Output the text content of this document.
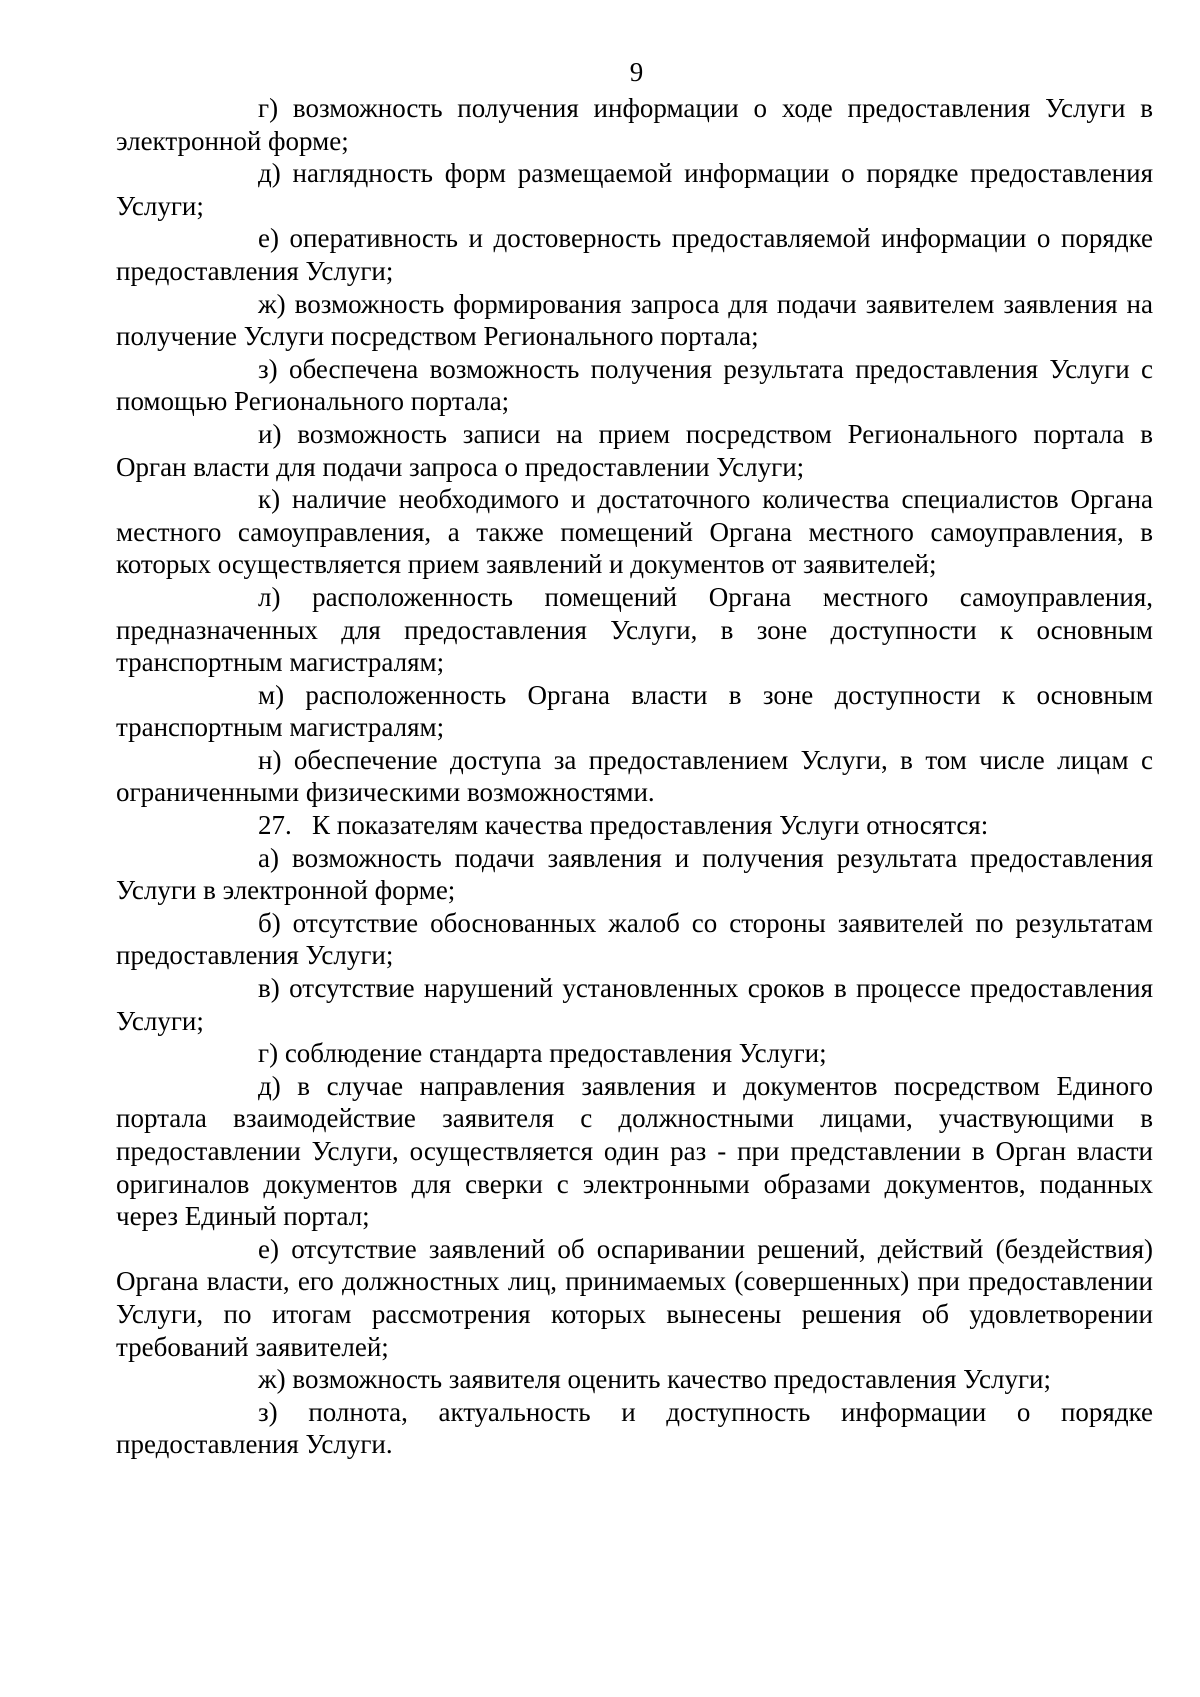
9

г) возможность получения информации о ходе предоставления Услуги в электронной форме;

д) наглядность форм размещаемой информации о порядке предоставления Услуги;

е) оперативность и достоверность предоставляемой информации о порядке предоставления Услуги;

ж) возможность формирования запроса для подачи заявителем заявления на получение Услуги посредством Регионального портала;

з) обеспечена возможность получения результата предоставления Услуги с помощью Регионального портала;

и) возможность записи на прием посредством Регионального портала в Орган власти для подачи запроса о предоставлении Услуги;

к) наличие необходимого и достаточного количества специалистов Органа местного самоуправления, а также помещений Органа местного самоуправления, в которых осуществляется прием заявлений и документов от заявителей;

л) расположенность помещений Органа местного самоуправления, предназначенных для предоставления Услуги, в зоне доступности к основным транспортным магистралям;

м) расположенность Органа власти в зоне доступности к основным транспортным магистралям;

н) обеспечение доступа за предоставлением Услуги, в том числе лицам с ограниченными физическими возможностями.

27. К показателям качества предоставления Услуги относятся:

а) возможность подачи заявления и получения результата предоставления Услуги в электронной форме;

б) отсутствие обоснованных жалоб со стороны заявителей по результатам предоставления Услуги;

в) отсутствие нарушений установленных сроков в процессе предоставления Услуги;

г) соблюдение стандарта предоставления Услуги;

д) в случае направления заявления и документов посредством Единого портала взаимодействие заявителя с должностными лицами, участвующими в предоставлении Услуги, осуществляется один раз - при представлении в Орган власти оригиналов документов для сверки с электронными образами документов, поданных через Единый портал;

е) отсутствие заявлений об оспаривании решений, действий (бездействия) Органа власти, его должностных лиц, принимаемых (совершенных) при предоставлении Услуги, по итогам рассмотрения которых вынесены решения об удовлетворении требований заявителей;

ж) возможность заявителя оценить качество предоставления Услуги;

з) полнота, актуальность и доступность информации о порядке предоставления Услуги.
